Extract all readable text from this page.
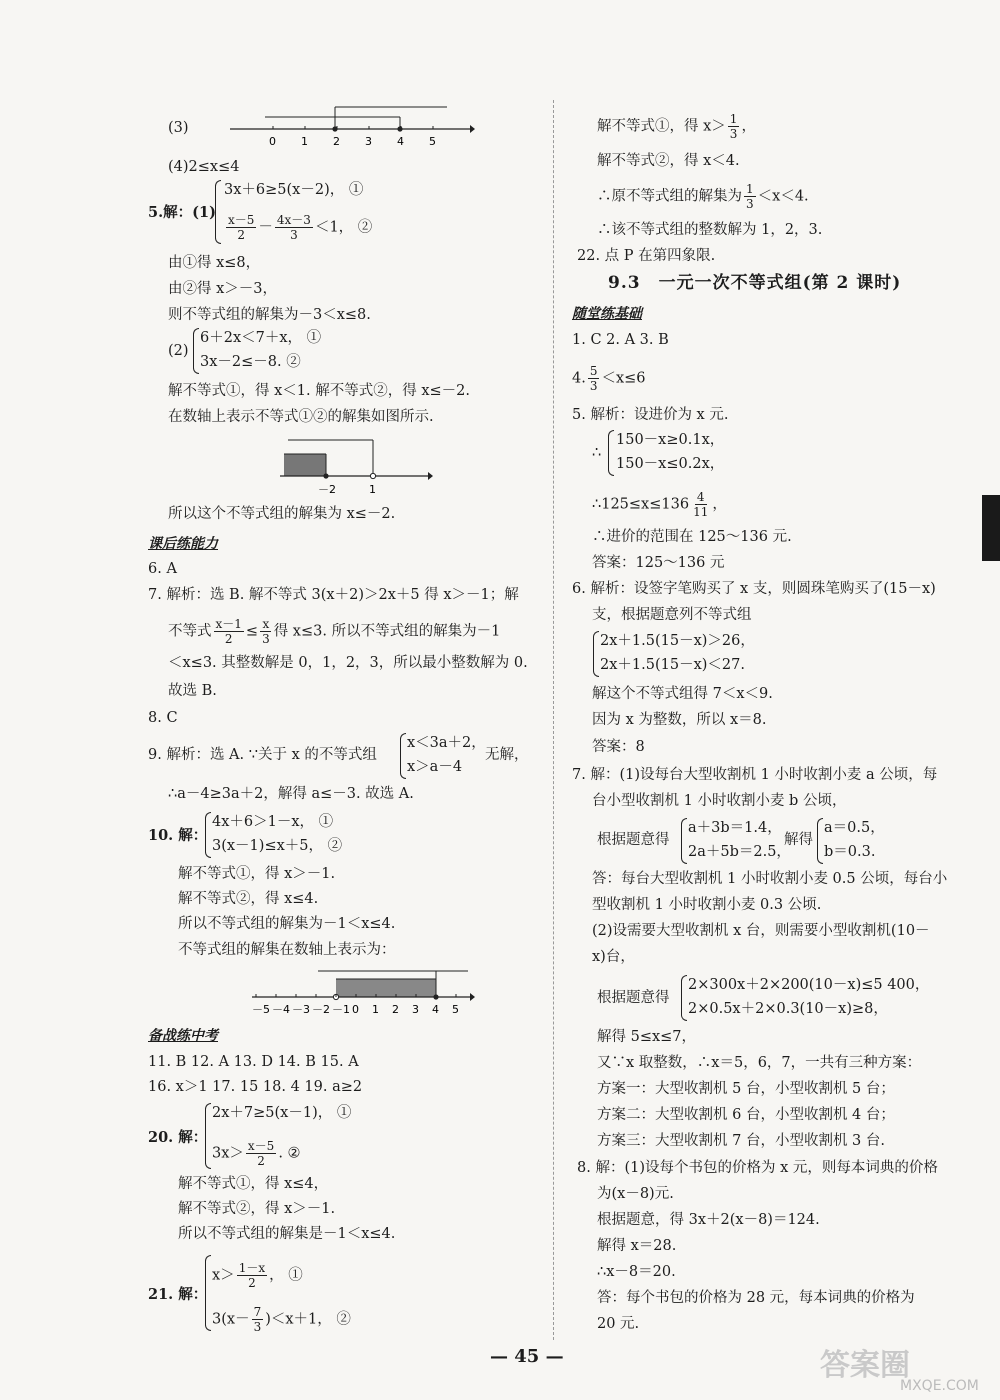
(3)
0 1 2 3 4 5
(4)2≤x≤4
5.解：(1)
3x＋6≥5(x－2)， ①
$\frac{x-5}{2} - \frac{4x-3}{3} <1$， ②
由①得 x≤8，
由②得 x＞－3，
则不等式组的解集为－3＜x≤8.
(2)
6＋2x＜7＋x， ①
3x－2≤－8. ②
解不等式①，得 x＜1. 解不等式②，得 x≤－2.
在数轴上表示不等式①②的解集如图所示.
－2	1
所以这个不等式组的解集为 x≤－2.
课后练能力
6. A
7. 解析：选 B. 解不等式 3(x＋2)＞2x＋5 得 x＞－1；解
不等式 $\frac{x-1}{2} \le \frac{x}{3}$ 得 x≤3. 所以不等式组的解集为－1
＜x≤3. 其整数解是 0，1，2，3，所以最小整数解为 0.
故选 B.
8. C
9. 解析：选 A. ∵关于 x 的不等式组
x＜3a＋2，
x＞a－4
无解，
∴a－4≥3a＋2，解得 a≤－3. 故选 A.
10. 解：
4x＋6＞1－x， ①
3(x－1)≤x＋5， ②
解不等式①，得 x＞－1.
解不等式②，得 x≤4.
所以不等式组的解集为－1＜x≤4.
不等式组的解集在数轴上表示为：
－5 －4 －3 －2 －1 0 1 2 3 4 5
备战练中考
11. B 12. A 13. D 14. B 15. A
16. x＞1 17. 15 18. 4 19. a≥2
20. 解：
2x＋7≥5(x－1)， ①
$3x> \frac{x-5}{2}$ . ②
解不等式①，得 x≤4，
解不等式②，得 x＞－1.
所以不等式组的解集是－1＜x≤4.
21. 解：
$x> \frac{1-x}{2}$ ， ①
$3(x- \frac{7}{3} )<x+1$， ②
解不等式①，得 $x> \frac{1}{3}$ ，
解不等式②，得 x＜4.
∴原不等式组的解集为 $\frac{1}{3} <x<4$.
∴该不等式组的整数解为 1，2，3.
22. 点 P 在第四象限.
9.3　一元一次不等式组(第 2 课时)
随堂练基础
1. C 2. A 3. B
4. $\frac{5}{3} <x\le 6$
5. 解析：设进价为 x 元.
∴
150－x≥0.1x，
150－x≤0.2x，
∴125≤x≤136 $\frac{4}{11}$ ，
∴进价的范围在 125～136 元.
答案：125～136 元
6. 解析：设签字笔购买了 x 支，则圆珠笔购买了(15－x)
支，根据题意列不等式组
2x＋1.5(15－x)＞26，
2x＋1.5(15－x)＜27.
解这个不等式组得 7＜x＜9.
因为 x 为整数，所以 x＝8.
答案：8
7. 解：(1)设每台大型收割机 1 小时收割小麦 a 公顷，每
台小型收割机 1 小时收割小麦 b 公顷，
根据题意得
a＋3b＝1.4，
2a＋5b＝2.5，
解得
a＝0.5，
b＝0.3.
答：每台大型收割机 1 小时收割小麦 0.5 公顷，每台小
型收割机 1 小时收割小麦 0.3 公顷.
(2)设需要大型收割机 x 台，则需要小型收割机(10－
x)台，
根据题意得
2×300x＋2×200(10－x)≤5 400，
2×0.5x＋2×0.3(10－x)≥8，
解得 5≤x≤7，
又∵x 取整数，∴x＝5，6，7，一共有三种方案：
方案一：大型收割机 5 台，小型收割机 5 台；
方案二：大型收割机 6 台，小型收割机 4 台；
方案三：大型收割机 7 台，小型收割机 3 台.
8. 解：(1)设每个书包的价格为 x 元，则每本词典的价格
为(x－8)元.
根据题意，得 3x＋2(x－8)＝124.
解得 x＝28.
∴x－8＝20.
答：每个书包的价格为 28 元，每本词典的价格为
20 元.
— 45 —	答案圈
MXQE.COM
